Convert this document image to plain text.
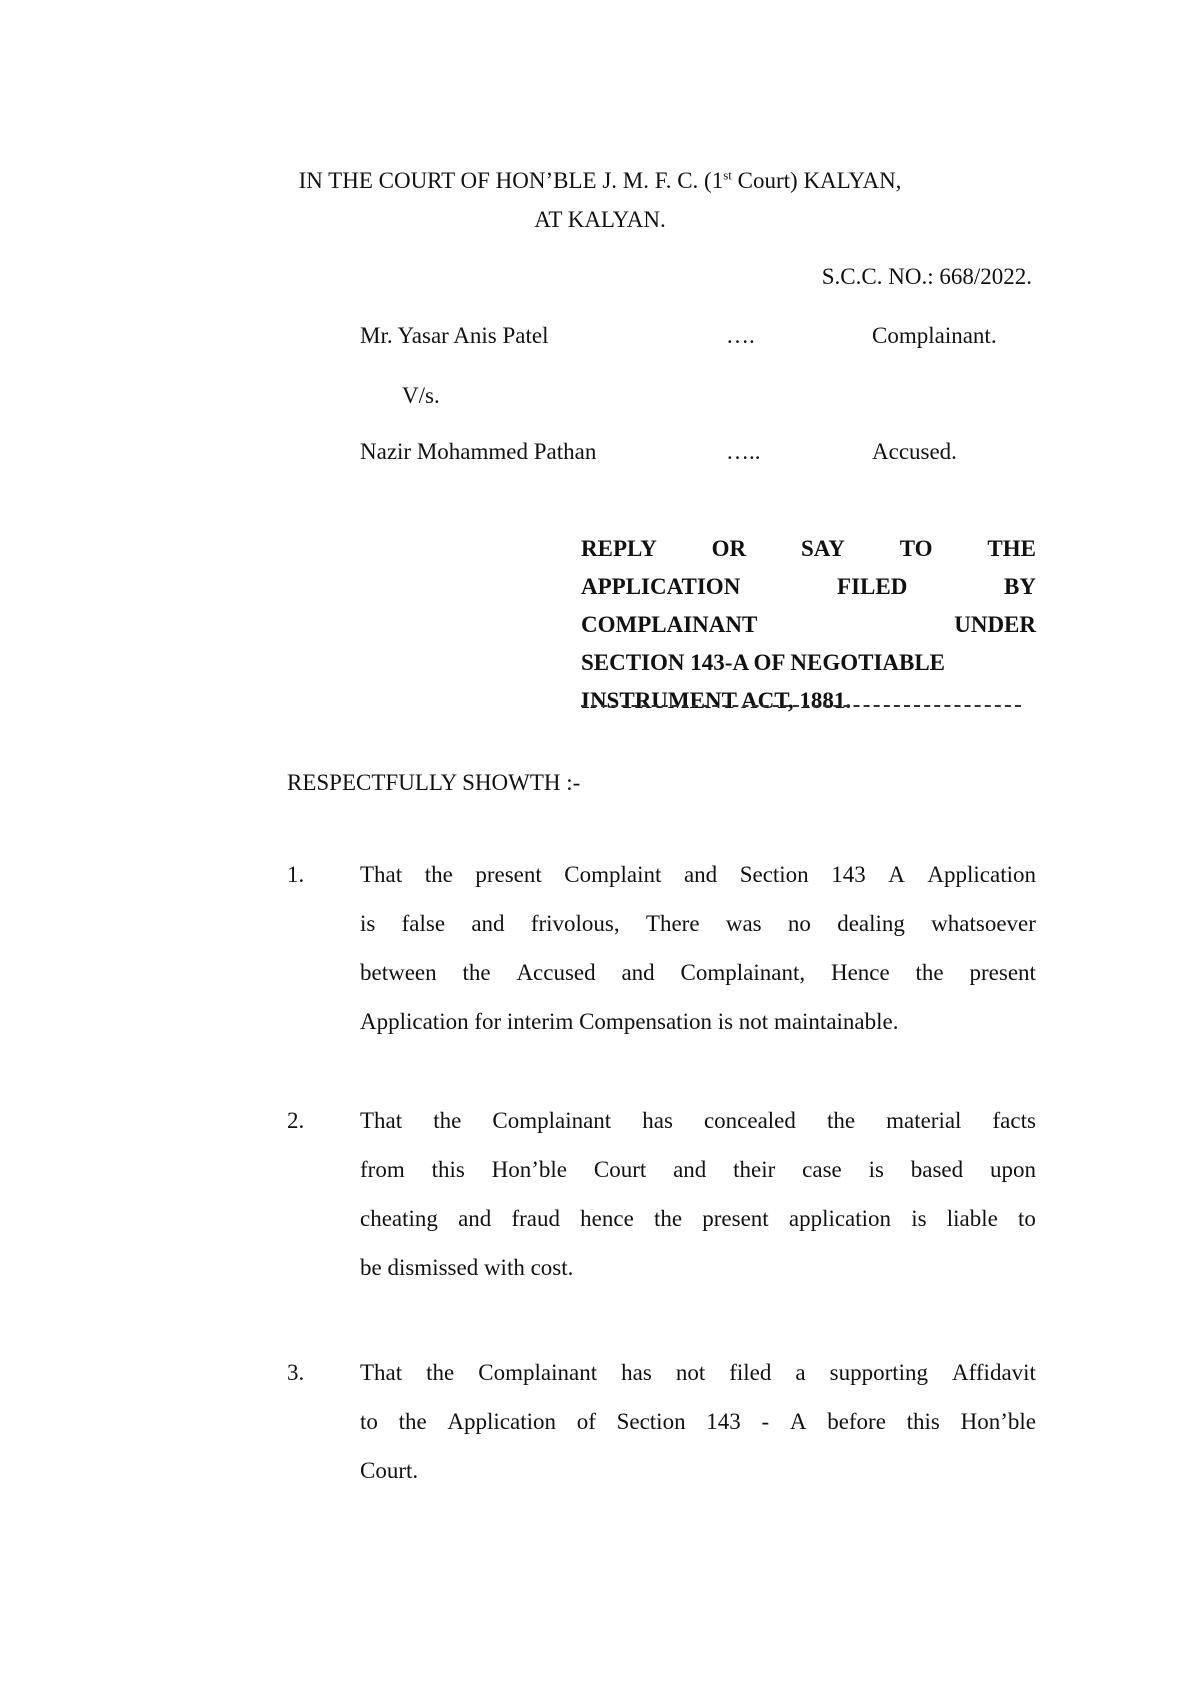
IN THE COURT OF HON’BLE J. M. F. C. (1st Court) KALYAN,
AT KALYAN.
S.C.C. NO.: 668/2022.
Mr. Yasar Anis Patel	….	Complainant.
V/s.
Nazir Mohammed Pathan	…..	Accused.
REPLY OR SAY TO THE
APPLICATION	FILED	BY
COMPLAINANT	UNDER
SECTION 143-A OF NEGOTIABLE
INSTRUMENT ACT, 1881.
RESPECTFULLY SHOWTH :-
1. That the present Complaint and Section 143 A Application
is false and frivolous, There was no dealing whatsoever
between the Accused and Complainant, Hence the present
Application for interim Compensation is not maintainable.
2. That the Complainant has concealed the material facts
from this Hon’ble Court and their case is based upon
cheating and fraud hence the present application is liable to
be dismissed with cost.
3. That the Complainant has not filed a supporting Affidavit
to the Application of Section 143 - A before this Hon’ble
Court.
